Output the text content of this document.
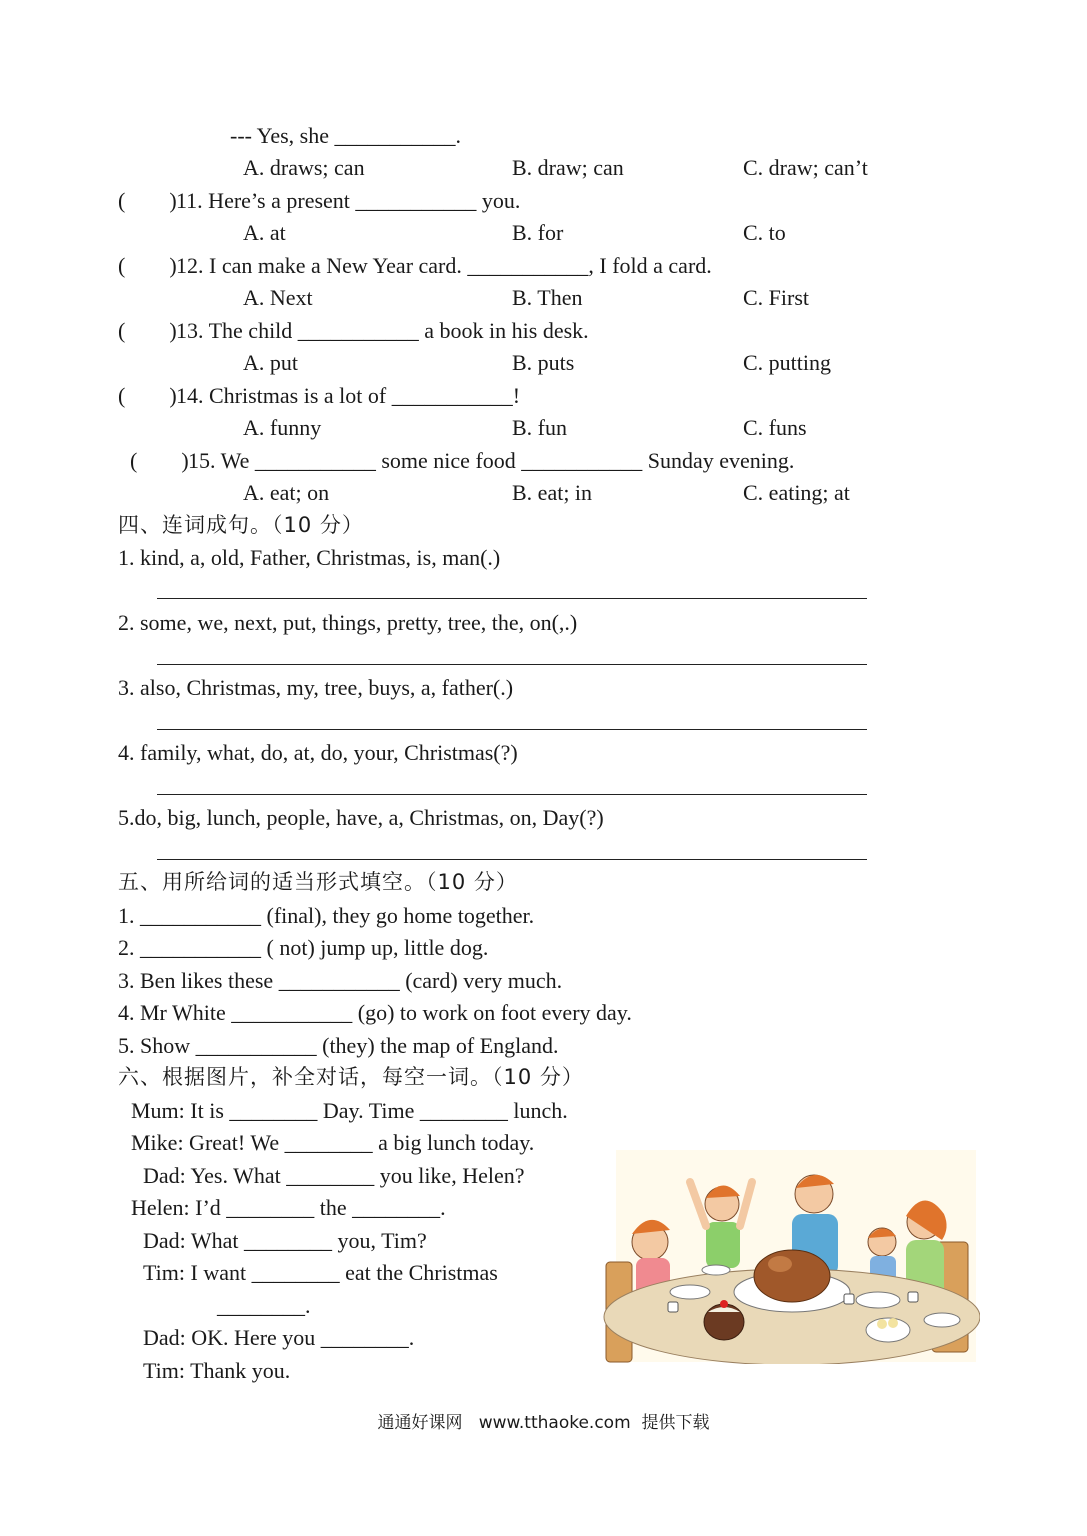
--- Yes, she ___________.
A. draws; can	B. draw; can	C. draw; can’t
(        ) 11. Here’s a present ___________ you.
A. at	B. for	C. to
(        ) 12. I can make a New Year card. ___________, I fold a card.
A. Next	B. Then	C. First
(        ) 13. The child ___________ a book in his desk.
A. put	B. puts	C. putting
(        ) 14. Christmas is a lot of ___________!
A. funny	B. fun	C. funs
(        ) 15. We ___________ some nice food ___________ Sunday evening.
A. eat; on	B. eat; in	C. eating; at
四、连词成句。（10 分）
1. kind, a, old, Father, Christmas, is, man(.)
2. some, we, next, put, things, pretty, tree, the, on(,.)
3. also, Christmas, my, tree, buys, a, father(.)
4. family, what, do, at, do, your, Christmas(?)
5.do, big, lunch, people, have, a, Christmas, on, Day(?)
五、用所给词的适当形式填空。（10 分）
1. ___________ (final), they go home together.
2. ___________ ( not) jump up, little dog.
3. Ben likes these ___________ (card) very much.
4. Mr White ___________ (go) to work on foot every day.
5. Show ___________ (they) the map of England.
六、根据图片，补全对话，每空一词。（10 分）
Mum: It is ________ Day. Time ________ lunch.
Mike: Great! We ________ a big lunch today.
Dad: Yes. What ________ you like, Helen?
Helen: I’d ________ the ________.
Dad: What ________ you, Tim?
Tim: I want ________ eat the Christmas
________.
Dad: OK. Here you ________.
Tim: Thank you.
通通好课网   www.tthaoke.com  提供下载
